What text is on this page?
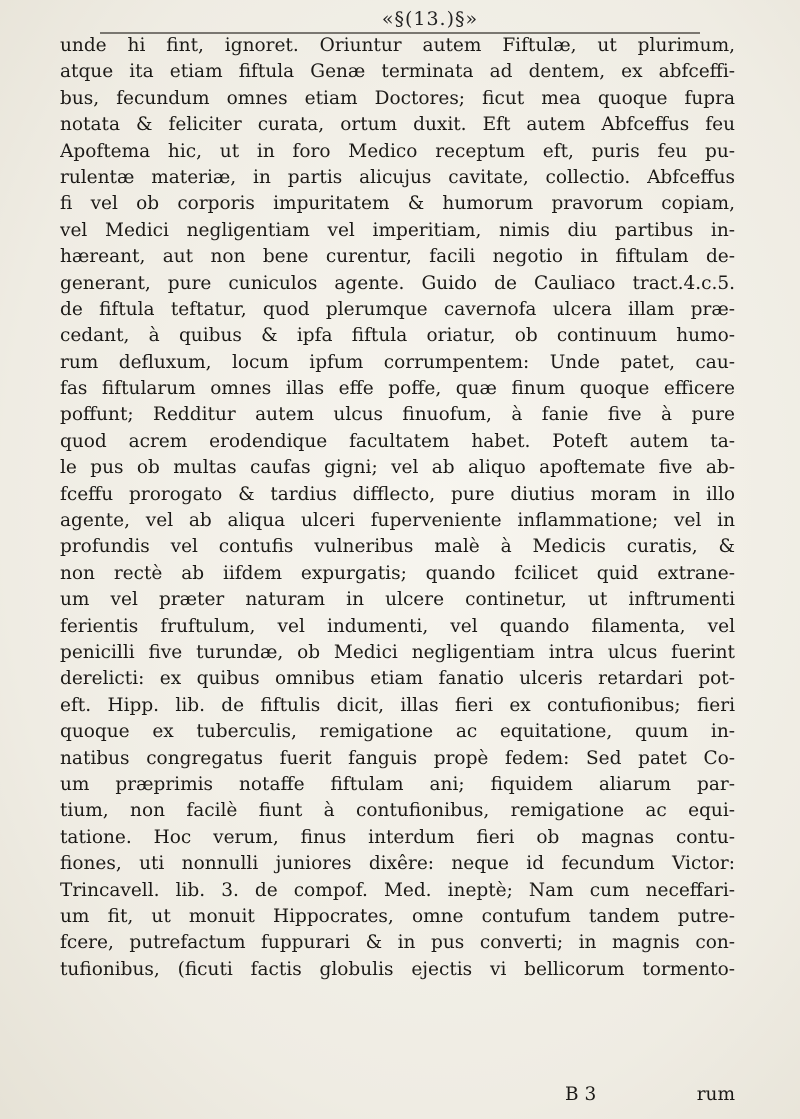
«§(13.)§»
unde hi fint, ignoret. Oriuntur autem Fiftulæ, ut plurimum,
atque ita etiam fiftula Genæ terminata ad dentem, ex abfceffi-
bus, fecundum omnes etiam Doctores; ficut mea quoque fupra
notata & feliciter curata, ortum duxit. Eft autem Abfceffus feu
Apoftema hic, ut in foro Medico receptum eft, puris feu pu-
rulentæ materiæ, in partis alicujus cavitate, collectio. Abfceffus
fi vel ob corporis impuritatem & humorum pravorum copiam,
vel Medici negligentiam vel imperitiam, nimis diu partibus in-
hæreant, aut non bene curentur, facili negotio in fiftulam de-
generant, pure cuniculos agente. Guido de Cauliaco tract.4.c.5.
de fiftula teftatur, quod plerumque cavernofa ulcera illam præ-
cedant, à quibus & ipfa fiftula oriatur, ob continuum humo-
rum defluxum, locum ipfum corrumpentem: Unde patet, cau-
fas fiftularum omnes illas effe poffe, quæ finum quoque efficere
poffunt; Redditur autem ulcus finuofum, à fanie five à pure
quod acrem erodendique facultatem habet. Poteft autem ta-
le pus ob multas caufas gigni; vel ab aliquo apoftemate five ab-
fceffu prorogato & tardius difflecto, pure diutius moram in illo
agente, vel ab aliqua ulceri fuperveniente inflammatione; vel in
profundis vel contufis vulneribus malè à Medicis curatis, &
non rectè ab iifdem expurgatis; quando fcilicet quid extrane-
um vel præter naturam in ulcere continetur, ut inftrumenti
ferientis fruftulum, vel indumenti, vel quando filamenta, vel
penicilli five turundæ, ob Medici negligentiam intra ulcus fuerint
derelicti: ex quibus omnibus etiam fanatio ulceris retardari pot-
eft. Hipp. lib. de fiftulis dicit, illas fieri ex contufionibus; fieri
quoque ex tuberculis, remigatione ac equitatione, quum in-
natibus congregatus fuerit fanguis propè fedem: Sed patet Co-
um præprimis notaffe fiftulam ani; fiquidem aliarum par-
tium, non facilè fiunt à contufionibus, remigatione ac equi-
tatione. Hoc verum, finus interdum fieri ob magnas contu-
fiones, uti nonnulli juniores dixêre: neque id fecundum Victor:
Trincavell. lib. 3. de compof. Med. ineptè; Nam cum neceffari-
um fit, ut monuit Hippocrates, omne contufum tandem putre-
fcere, putrefactum fuppurari & in pus converti; in magnis con-
tufionibus, (ficuti factis globulis ejectis vi bellicorum tormento-
B 3	rum
